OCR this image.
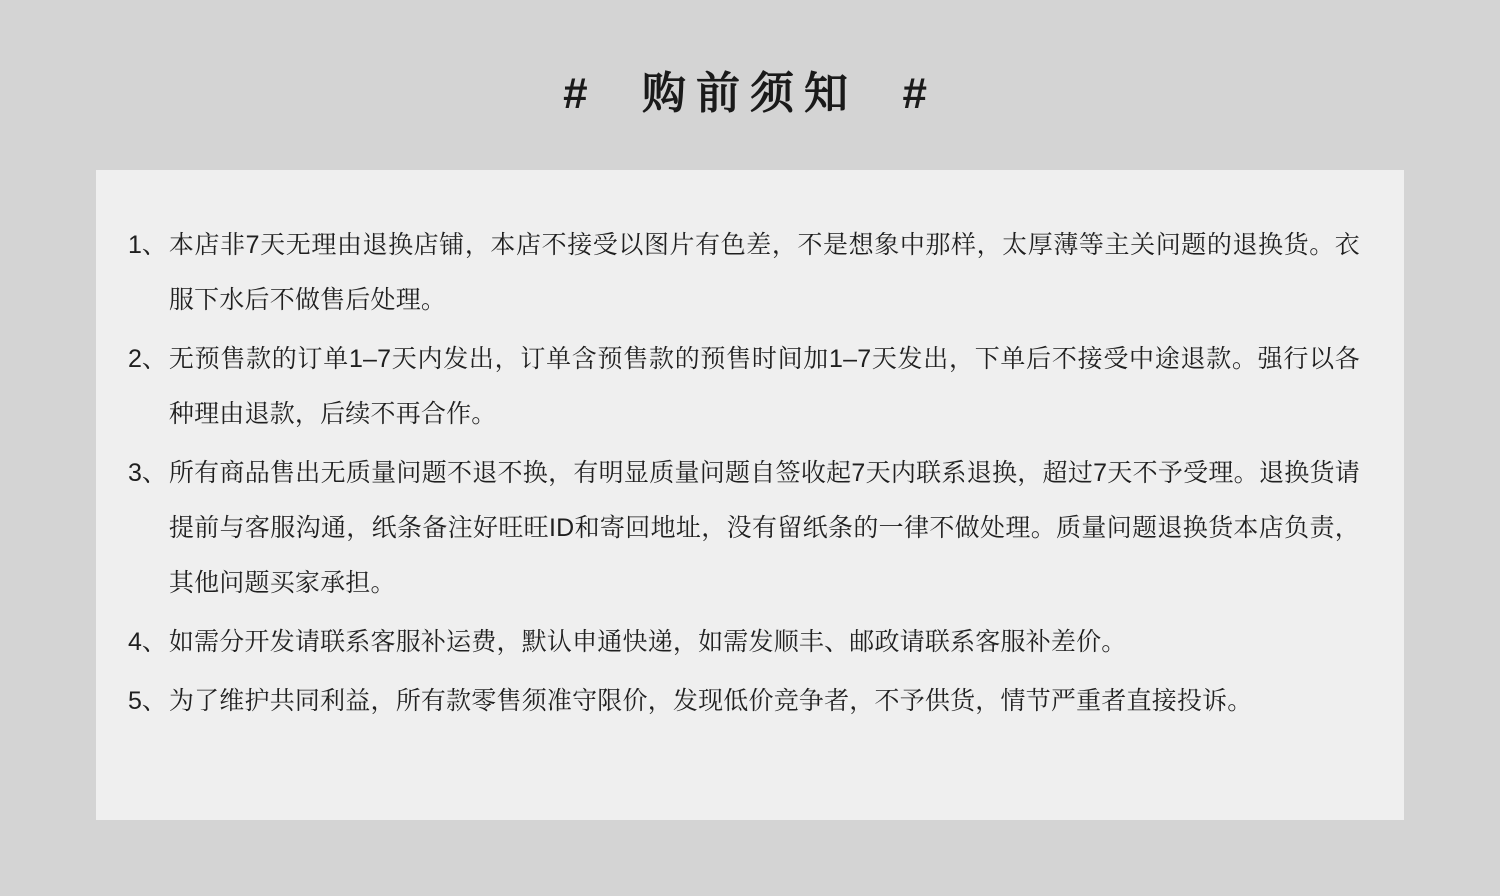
#  购前须知  #
1、 本店非7天无理由退换店铺，本店不接受以图片有色差，不是想象中那样，太厚薄等主关问题的退换货。衣服下水后不做售后处理。
2、 无预售款的订单1–7天内发出，订单含预售款的预售时间加1–7天发出，下单后不接受中途退款。强行以各种理由退款，后续不再合作。
3、 所有商品售出无质量问题不退不换，有明显质量问题自签收起7天内联系退换，超过7天不予受理。退换货请提前与客服沟通，纸条备注好旺旺ID和寄回地址，没有留纸条的一律不做处理。质量问题退换货本店负责，其他问题买家承担。
4、 如需分开发请联系客服补运费，默认申通快递，如需发顺丰、邮政请联系客服补差价。
5、 为了维护共同利益，所有款零售须准守限价，发现低价竞争者，不予供货，情节严重者直接投诉。
